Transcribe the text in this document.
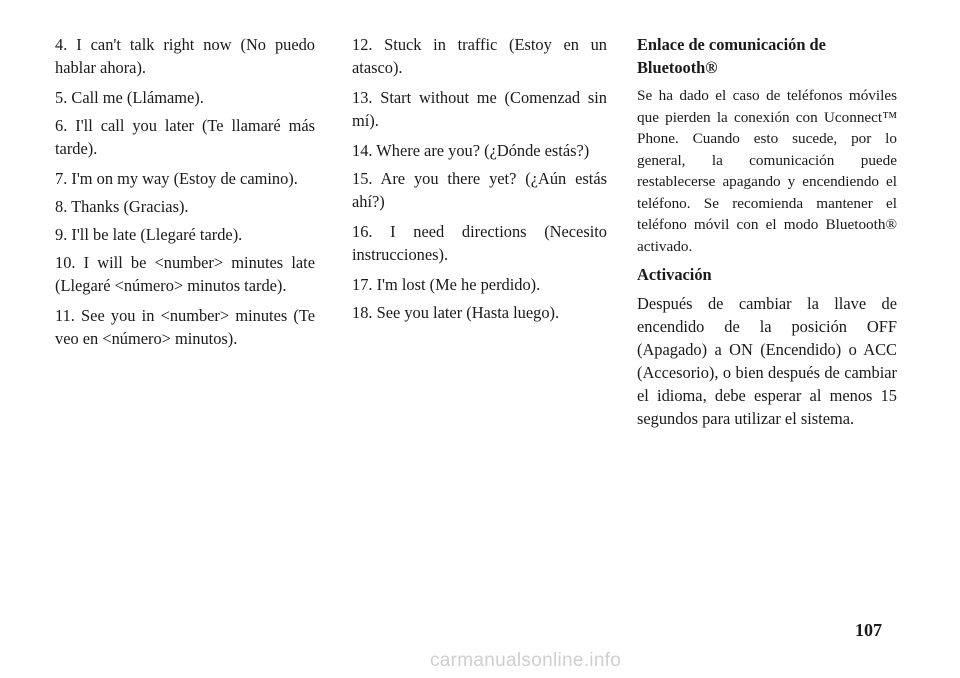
4. I can't talk right now (No puedo hablar ahora).

5. Call me (Llámame).

6. I'll call you later (Te llamaré más tarde).

7. I'm on my way (Estoy de camino).

8. Thanks (Gracias).

9. I'll be late (Llegaré tarde).

10. I will be <number> minutes late (Llegaré <número> minutos tarde).

11. See you in <number> minutes (Te veo en <número> minutos).

12. Stuck in traffic (Estoy en un atasco).

13. Start without me (Comenzad sin mí).

14. Where are you? (¿Dónde estás?)

15. Are you there yet? (¿Aún estás ahí?)

16. I need directions (Necesito instrucciones).

17. I'm lost (Me he perdido).

18. See you later (Hasta luego).

Enlace de comunicación de Bluetooth®

Se ha dado el caso de teléfonos móviles que pierden la conexión con Uconnect™ Phone. Cuando esto sucede, por lo general, la comunicación puede restablecerse apagando y encendiendo el teléfono. Se recomienda mantener el teléfono móvil con el modo Bluetooth® activado.

Activación

Después de cambiar la llave de encendido de la posición OFF (Apagado) a ON (Encendido) o ACC (Accesorio), o bien después de cambiar el idioma, debe esperar al menos 15 segundos para utilizar el sistema.

107
carmanualsonline.info
